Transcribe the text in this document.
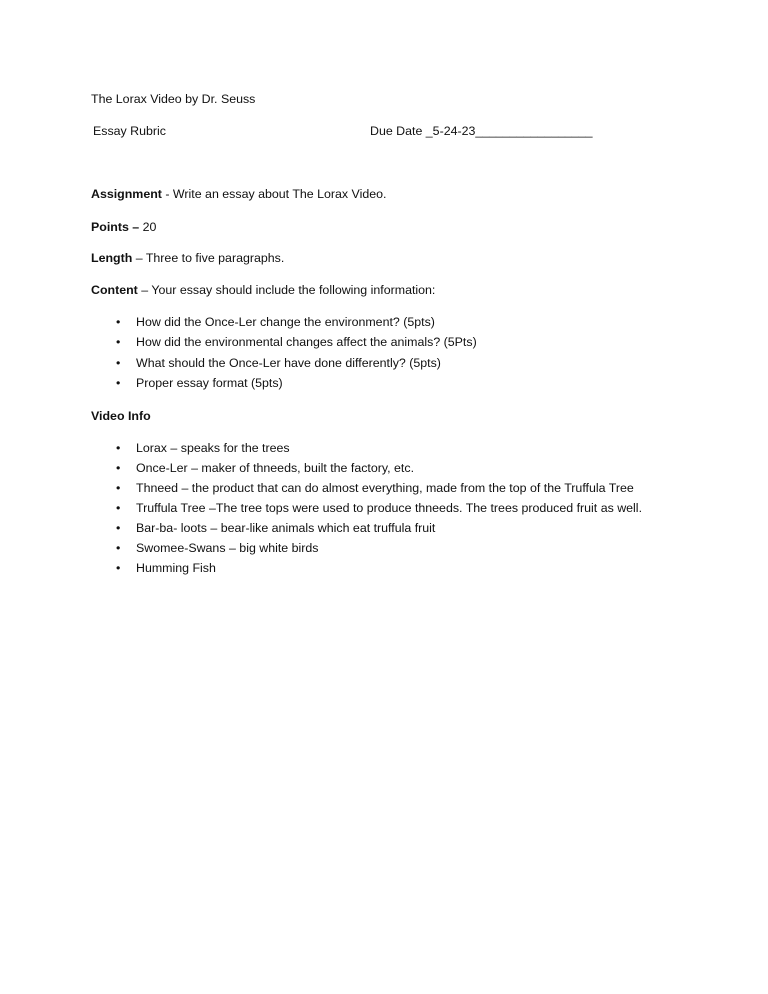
The Lorax Video by Dr. Seuss
Essay Rubric	Due Date _5-24-23_________________
Assignment - Write an essay about The Lorax Video.
Points – 20
Length – Three to five paragraphs.
Content – Your essay should include the following information:
• How did the Once-Ler change the environment? (5pts)
• How did the environmental changes affect the animals? (5Pts)
• What should the Once-Ler have done differently? (5pts)
• Proper essay format (5pts)
Video Info
• Lorax – speaks for the trees
• Once-Ler – maker of thneeds, built the factory, etc.
• Thneed – the product that can do almost everything, made from the top of the Truffula Tree
• Truffula Tree –The tree tops were used to produce thneeds. The trees produced fruit as well.
• Bar-ba- loots – bear-like animals which eat truffula fruit
• Swomee-Swans – big white birds
• Humming Fish
